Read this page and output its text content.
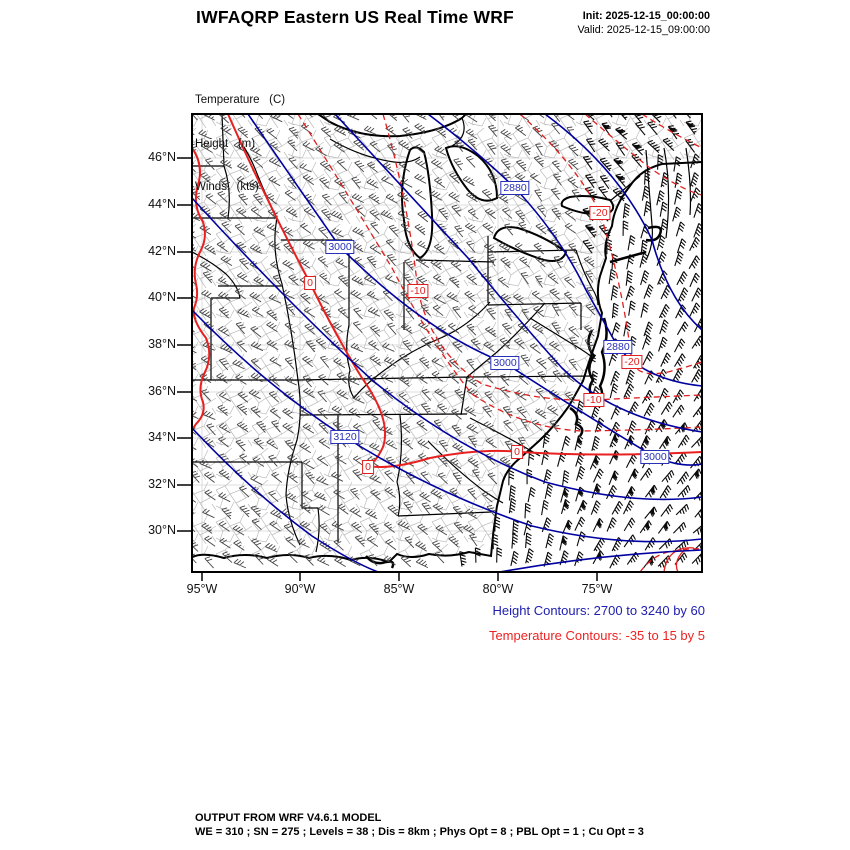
IWFAQRP Eastern US Real Time WRF	Init: 2025-12-15_00:00:00
Valid: 2025-12-15_09:00:00

Temperature   (C)

Height   (m)

Winds   (kts)

Height Contours: 2700 to 3240 by 60
Temperature Contours: -35 to 15 by 5
OUTPUT FROM WRF V4.6.1 MODEL
WE = 310 ; SN = 275 ; Levels = 38 ; Dis = 8km ; Phys Opt = 8 ; PBL Opt = 1 ; Cu Opt = 3
46°N
44°N
42°N
40°N
38°N
36°N
34°N
32°N
30°N
95°W	90°W	85°W	80°W	75°W
2880
-20
3000
0
-10
2880
-20
3000
-10
3120
0	3000
0
